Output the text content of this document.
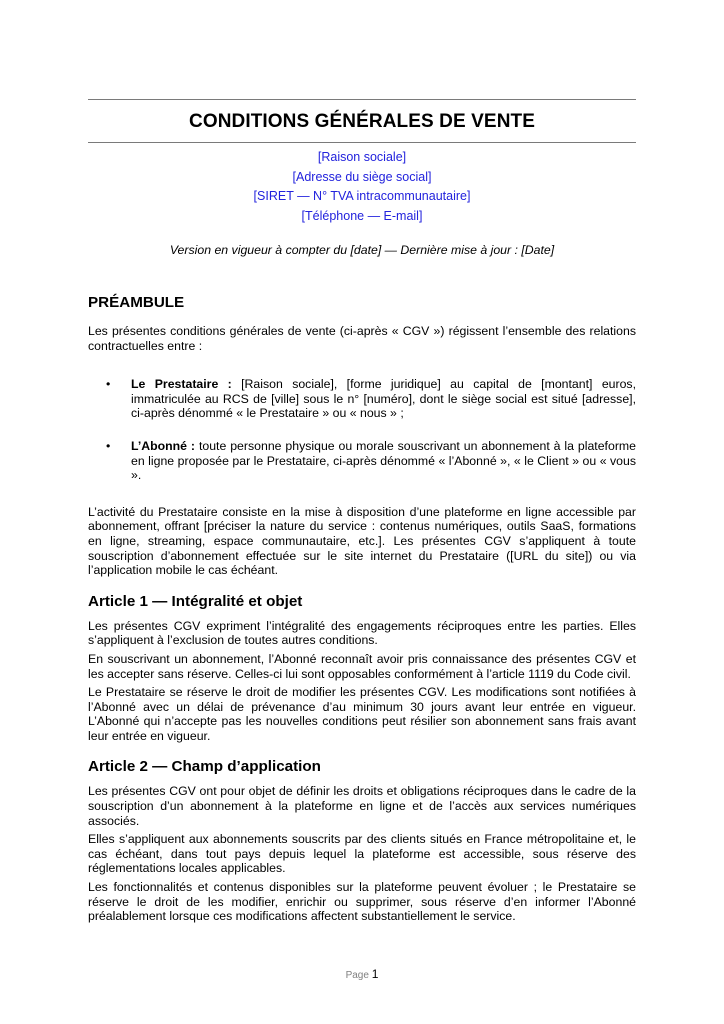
CONDITIONS GÉNÉRALES DE VENTE
[Raison sociale]
[Adresse du siège social]
[SIRET — N° TVA intracommunautaire]
[Téléphone — E-mail]
Version en vigueur à compter du [date] — Dernière mise à jour : [Date]
PRÉAMBULE

Les présentes conditions générales de vente (ci-après « CGV ») régissent l’ensemble des relations contractuelles entre :

• Le Prestataire : [Raison sociale], [forme juridique] au capital de [montant] euros, immatriculée au RCS de [ville] sous le n° [numéro], dont le siège social est situé [adresse], ci-après dénommé « le Prestataire » ou « nous » ;
• L’Abonné : toute personne physique ou morale souscrivant un abonnement à la plateforme en ligne proposée par le Prestataire, ci-après dénommé « l’Abonné », « le Client » ou « vous ».

L’activité du Prestataire consiste en la mise à disposition d’une plateforme en ligne accessible par abonnement, offrant [préciser la nature du service : contenus numériques, outils SaaS, formations en ligne, streaming, espace communautaire, etc.]. Les présentes CGV s’appliquent à toute souscription d’abonnement effectuée sur le site internet du Prestataire ([URL du site]) ou via l’application mobile le cas échéant.

Article 1 — Intégralité et objet

Les présentes CGV expriment l’intégralité des engagements réciproques entre les parties. Elles s’appliquent à l’exclusion de toutes autres conditions.

En souscrivant un abonnement, l’Abonné reconnaît avoir pris connaissance des présentes CGV et les accepter sans réserve. Celles-ci lui sont opposables conformément à l’article 1119 du Code civil.

Le Prestataire se réserve le droit de modifier les présentes CGV. Les modifications sont notifiées à l’Abonné avec un délai de prévenance d’au minimum 30 jours avant leur entrée en vigueur. L’Abonné qui n’accepte pas les nouvelles conditions peut résilier son abonnement sans frais avant leur entrée en vigueur.

Article 2 — Champ d’application

Les présentes CGV ont pour objet de définir les droits et obligations réciproques dans le cadre de la souscription d’un abonnement à la plateforme en ligne et de l’accès aux services numériques associés.

Elles s’appliquent aux abonnements souscrits par des clients situés en France métropolitaine et, le cas échéant, dans tout pays depuis lequel la plateforme est accessible, sous réserve des réglementations locales applicables.

Les fonctionnalités et contenus disponibles sur la plateforme peuvent évoluer ; le Prestataire se réserve le droit de les modifier, enrichir ou supprimer, sous réserve d’en informer l’Abonné préalablement lorsque ces modifications affectent substantiellement le service.

Page 1
